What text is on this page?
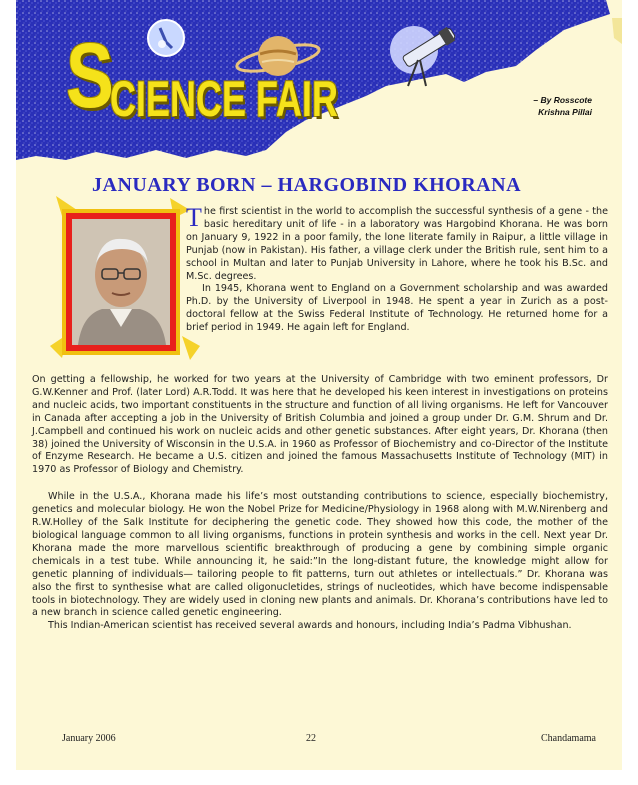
S
CIENCE FAIR	– By Rosscote
Krishna Pillai
JANUARY BORN – HARGOBIND KHORANA

The first scientist in the world to accomplish the successful synthesis of a gene - the basic hereditary unit of life - in a laboratory was Hargobind Khorana. He was born on January 9, 1922 in a poor family, the lone literate family in Raipur, a little village in Punjab (now in Pakistan). His father, a village clerk under the British rule, sent him to a school in Multan and later to Punjab University in Lahore, where he took his B.Sc. and M.Sc. degrees.

In 1945, Khorana went to England on a Government scholarship and was awarded Ph.D. by the University of Liverpool in 1948. He spent a year in Zurich as a post-doctoral fellow at the Swiss Federal Institute of Technology. He returned home for a brief period in 1949. He again left for England.

On getting a fellowship, he worked for two years at the University of Cambridge with two eminent professors, Dr G.W.Kenner and Prof. (later Lord) A.R.Todd. It was here that he developed his keen interest in investigations on proteins and nucleic acids, two important constituents in the structure and function of all living organisms. He left for Vancouver in Canada after accepting a job in the University of British Columbia and joined a group under Dr. G.M. Shrum and Dr. J.Campbell and continued his work on nucleic acids and other genetic substances. After eight years, Dr. Khorana (then 38) joined the University of Wisconsin in the U.S.A. in 1960 as Professor of Biochemistry and co-Director of the Institute of Enzyme Research. He became a U.S. citizen and joined the famous Massachusetts Institute of Technology (MIT) in 1970 as Professor of Biology and Chemistry.

While in the U.S.A., Khorana made his life’s most outstanding contributions to science, especially biochemistry, genetics and molecular biology. He won the Nobel Prize for Medicine/Physiology in 1968 along with M.W.Nirenberg and R.W.Holley of the Salk Institute for deciphering the genetic code. They showed how this code, the mother of the biological language common to all living organisms, functions in protein synthesis and works in the cell. Next year Dr. Khorana made the more marvellous scientific breakthrough of producing a gene by combining simple organic chemicals in a test tube. While announcing it, he said:”In the long-distant future, the knowledge might allow for genetic planning of individuals— tailoring people to fit patterns, turn out athletes or intellectuals.” Dr. Khorana was also the first to synthesise what are called oligonucletides, strings of nucleotides, which have become indispensable tools in biotechnology. They are widely used in cloning new plants and animals. Dr. Khorana’s contributions have led to a new branch in science called genetic engineering.

This Indian-American scientist has received several awards and honours, including India’s Padma Vibhushan.

January 2006	22	Chandamama
